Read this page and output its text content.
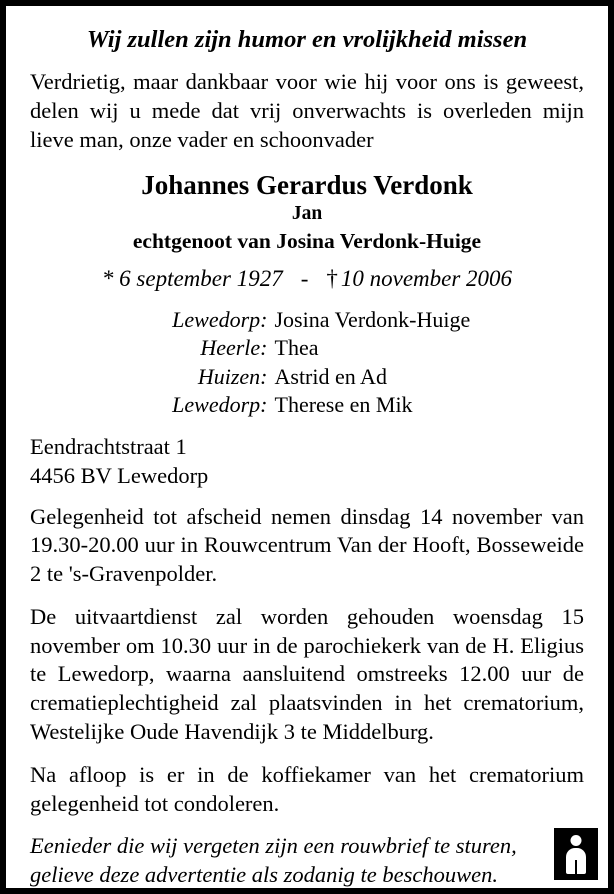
Wij zullen zijn humor en vrolijkheid missen

Verdrietig, maar dankbaar voor wie hij voor ons is geweest, delen wij u mede dat vrij onverwachts is overleden mijn lieve man, onze vader en schoonvader

Johannes Gerardus Verdonk
Jan
echtgenoot van Josina Verdonk-Huige
* 6 september 1927 - † 10 november 2006
Lewedorp: Josina Verdonk-Huige
Heerle: Thea
Huizen: Astrid en Ad
Lewedorp: Therese en Mik
Eendrachtstraat 1
4456 BV Lewedorp

Gelegenheid tot afscheid nemen dinsdag 14 november van 19.30-20.00 uur in Rouwcentrum Van der Hooft, Bosseweide 2 te 's-Gravenpolder.

De uitvaartdienst zal worden gehouden woensdag 15 november om 10.30 uur in de parochiekerk van de H. Eligius te Lewedorp, waarna aansluitend omstreeks 12.00 uur de crematieplechtigheid zal plaatsvinden in het crematorium, Westelijke Oude Havendijk 3 te Middelburg.

Na afloop is er in de koffiekamer van het crematorium gelegenheid tot condoleren.

Eenieder die wij vergeten zijn een rouwbrief te sturen,
gelieve deze advertentie als zodanig te beschouwen.
